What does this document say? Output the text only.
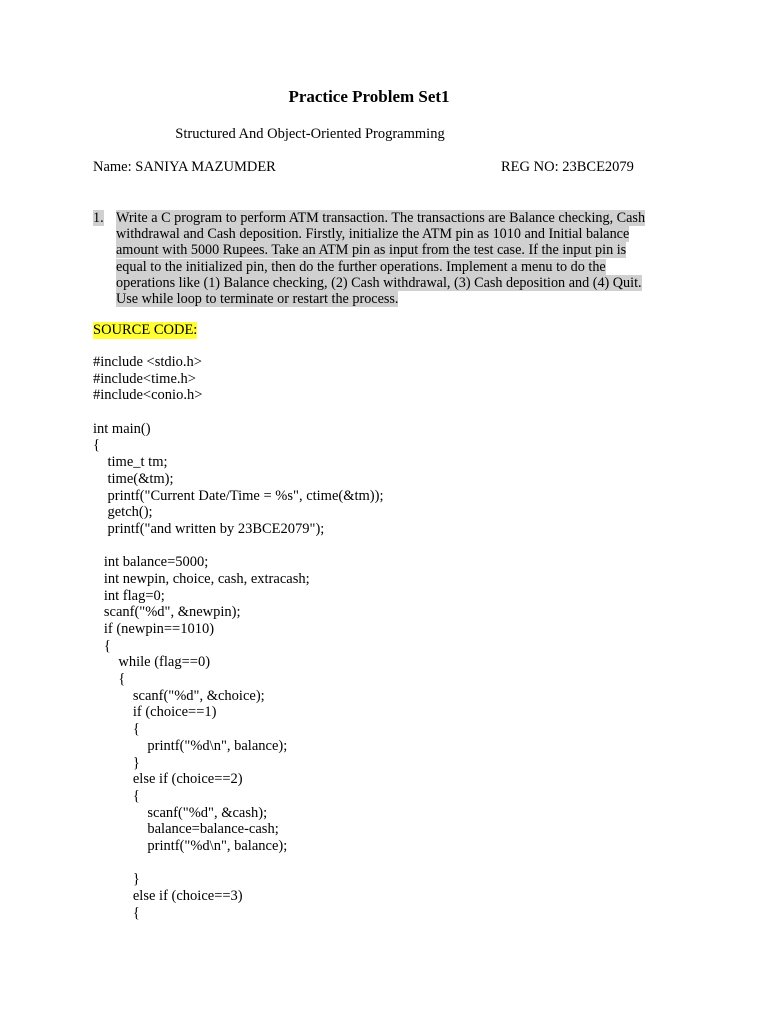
Practice Problem Set1
Structured And Object-Oriented Programming
Name: SANIYA MAZUMDER	REG NO: 23BCE2079
1. Write a C program to perform ATM transaction. The transactions are Balance checking, Cash
withdrawal and Cash deposition. Firstly, initialize the ATM pin as 1010 and Initial balance
amount with 5000 Rupees. Take an ATM pin as input from the test case. If the input pin is
equal to the initialized pin, then do the further operations. Implement a menu to do the
operations like (1) Balance checking, (2) Cash withdrawal, (3) Cash deposition and (4) Quit.
Use while loop to terminate or restart the process.
SOURCE CODE:
#include <stdio.h>
#include<time.h>
#include<conio.h>
int main()
{
time_t tm;
time(&tm);
printf("Current Date/Time = %s", ctime(&tm));
getch();
printf("and written by 23BCE2079");
int balance=5000;
int newpin, choice, cash, extracash;
int flag=0;
scanf("%d", &newpin);
if (newpin==1010)
{
while (flag==0)
{
scanf("%d", &choice);
if (choice==1)
{
printf("%d\n", balance);
}
else if (choice==2)
{
scanf("%d", &cash);
balance=balance-cash;
printf("%d\n", balance);
}
else if (choice==3)
{
